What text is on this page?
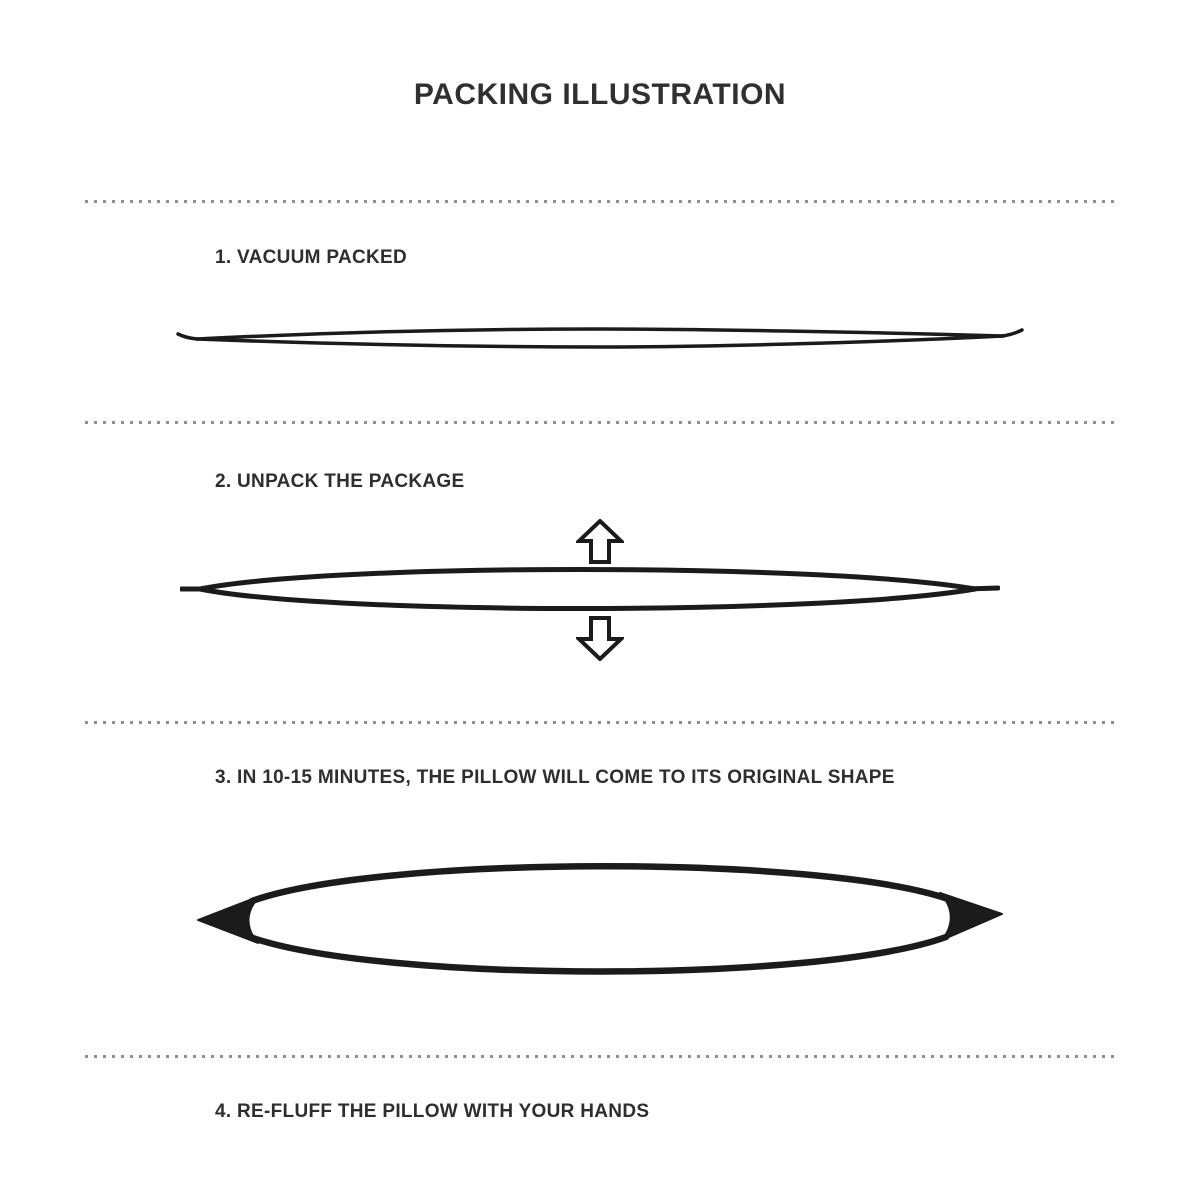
PACKING ILLUSTRATION
1. VACUUM PACKED
2. UNPACK THE PACKAGE
3. IN 10-15 MINUTES, THE PILLOW WILL COME TO ITS ORIGINAL SHAPE
4. RE-FLUFF THE PILLOW WITH YOUR HANDS
